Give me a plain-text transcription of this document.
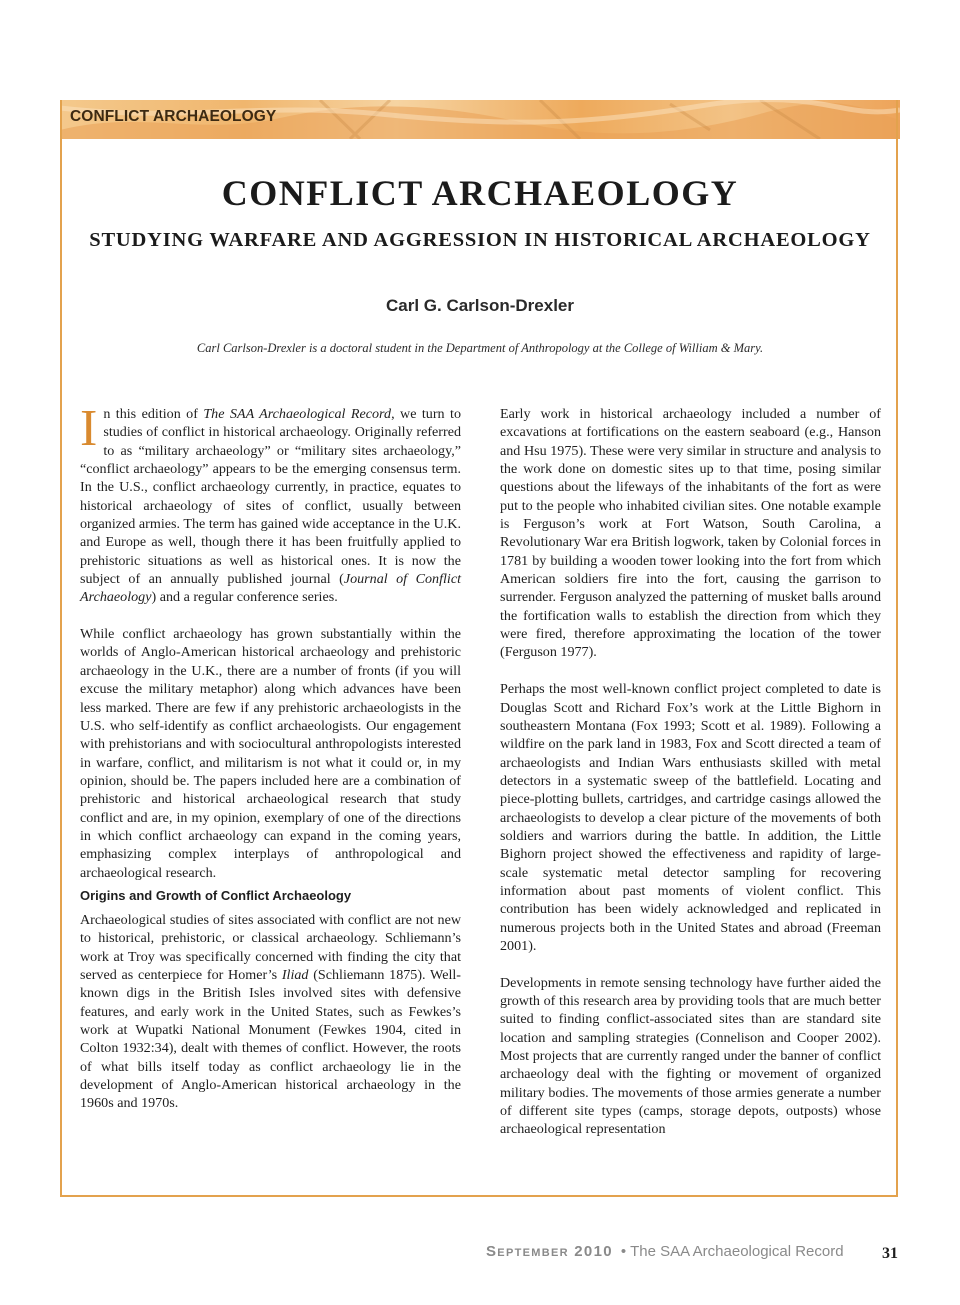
CONFLICT ARCHAEOLOGY
CONFLICT ARCHAEOLOGY
STUDYING WARFARE AND AGGRESSION IN HISTORICAL ARCHAEOLOGY
Carl G. Carlson-Drexler
Carl Carlson-Drexler is a doctoral student in the Department of Anthropology at the College of William & Mary.

In this edition of The SAA Archaeological Record, we turn to studies of conflict in historical archaeology. Originally referred to as “military archaeology” or “military sites archaeology,” “conflict archaeology” appears to be the emerging consensus term. In the U.S., conflict archaeology currently, in practice, equates to historical archaeology of sites of conflict, usually between organized armies. The term has gained wide acceptance in the U.K. and Europe as well, though there it has been fruitfully applied to prehistoric situations as well as historical ones. It is now the subject of an annually published journal (Journal of Conflict Archaeology) and a regular conference series.

While conflict archaeology has grown substantially within the worlds of Anglo-American historical archaeology and prehistoric archaeology in the U.K., there are a number of fronts (if you will excuse the military metaphor) along which advances have been less marked. There are few if any prehistoric archaeologists in the U.S. who self-identify as conflict archaeologists. Our engagement with prehistorians and with sociocultural anthropologists interested in warfare, conflict, and militarism is not what it could or, in my opinion, should be. The papers included here are a combination of prehistoric and historical archaeological research that study conflict and are, in my opinion, exemplary of one of the directions in which conflict archaeology can expand in the coming years, emphasizing complex interplays of anthropological and archaeological research.

Origins and Growth of Conflict Archaeology

Archaeological studies of sites associated with conflict are not new to historical, prehistoric, or classical archaeology. Schliemann’s work at Troy was specifically concerned with finding the city that served as centerpiece for Homer’s Iliad (Schliemann 1875). Well-known digs in the British Isles involved sites with defensive features, and early work in the United States, such as Fewkes’s work at Wupatki National Monument (Fewkes 1904, cited in Colton 1932:34), dealt with themes of conflict. However, the roots of what bills itself today as conflict archaeology lie in the development of Anglo-American historical archaeology in the 1960s and 1970s.

Early work in historical archaeology included a number of excavations at fortifications on the eastern seaboard (e.g., Hanson and Hsu 1975). These were very similar in structure and analysis to the work done on domestic sites up to that time, posing similar questions about the lifeways of the inhabitants of the fort as were put to the people who inhabited civilian sites. One notable example is Ferguson’s work at Fort Watson, South Carolina, a Revolutionary War era British logwork, taken by Colonial forces in 1781 by building a wooden tower looking into the fort from which American soldiers fire into the fort, causing the garrison to surrender. Ferguson analyzed the patterning of musket balls around the fortification walls to establish the direction from which they were fired, therefore approximating the location of the tower (Ferguson 1977).

Perhaps the most well-known conflict project completed to date is Douglas Scott and Richard Fox’s work at the Little Bighorn in southeastern Montana (Fox 1993; Scott et al. 1989). Following a wildfire on the park land in 1983, Fox and Scott directed a team of archaeologists and Indian Wars enthusiasts skilled with metal detectors in a systematic sweep of the battlefield. Locating and piece-plotting bullets, cartridges, and cartridge casings allowed the archaeologists to develop a clear picture of the movements of both soldiers and warriors during the battle. In addition, the Little Bighorn project showed the effectiveness and rapidity of large-scale systematic metal detector sampling for recovering information about past moments of violent conflict. This contribution has been widely acknowledged and replicated in numerous projects both in the United States and abroad (Freeman 2001).

Developments in remote sensing technology have further aided the growth of this research area by providing tools that are much better suited to finding conflict-associated sites than are standard site location and sampling strategies (Connelison and Cooper 2002). Most projects that are currently ranged under the banner of conflict archaeology deal with the fighting or movement of organized military bodies. The movements of those armies generate a number of different site types (camps, storage depots, outposts) whose archaeological representation

September 2010 • The SAA Archaeological Record 31
